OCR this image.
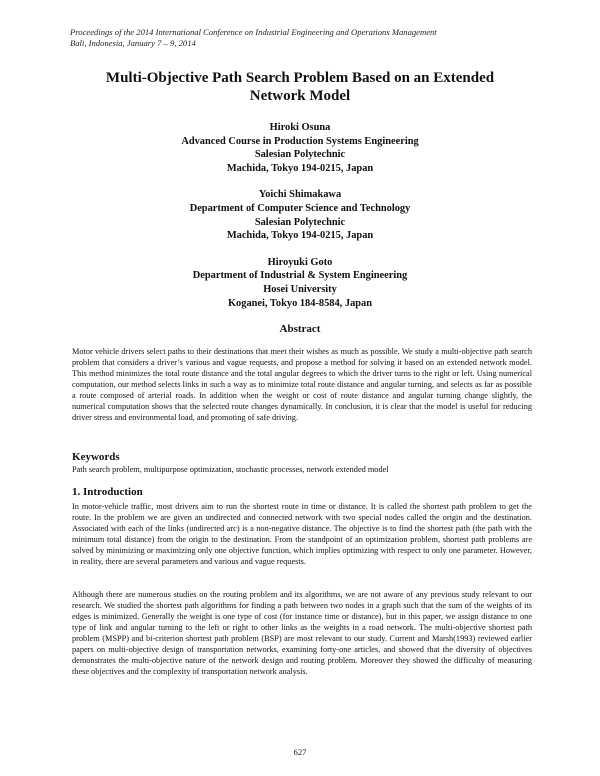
Proceedings of the 2014 International Conference on Industrial Engineering and Operations Management
Bali, Indonesia, January 7 – 9, 2014
Multi-Objective Path Search Problem Based on an Extended
Network Model
Hiroki Osuna
Advanced Course in Production Systems Engineering
Salesian Polytechnic
Machida, Tokyo 194-0215, Japan
Yoichi Shimakawa
Department of Computer Science and Technology
Salesian Polytechnic
Machida, Tokyo 194-0215, Japan
Hiroyuki Goto
Department of Industrial & System Engineering
Hosei University
Koganei, Tokyo 184-8584, Japan
Abstract
Motor vehicle drivers select paths to their destinations that meet their wishes as much as possible. We study a multi-objective path search problem that considers a driver’s various and vague requests, and propose a method for solving it based on an extended network model. This method minimizes the total route distance and the total angular degrees to which the driver turns to the right or left. Using numerical computation, our method selects links in such a way as to minimize total route distance and angular turning, and selects as far as possible a route composed of arterial roads. In addition when the weight or cost of route distance and angular turning change slightly, the numerical computation shows that the selected route changes dynamically. In conclusion, it is clear that the model is useful for reducing driver stress and environmental load, and promoting of safe driving.
Keywords
Path search problem, multipurpose optimization, stochastic processes, network extended model
1. Introduction
In motor-vehicle traffic, most drivers aim to run the shortest route in time or distance. It is called the shortest path problem to get the route. In the problem we are given an undirected and connected network with two special nodes called the origin and the destination. Associated with each of the links (undirected arc) is a non-negative distance. The objective is to find the shortest path (the path with the minimum total distance) from the origin to the destination. From the standpoint of an optimization problem, shortest path problems are solved by minimizing or maximizing only one objective function, which implies optimizing with respect to only one parameter. However, in reality, there are several parameters and various and vague requests.
Although there are numerous studies on the routing problem and its algorithms, we are not aware of any previous study relevant to our research. We studied the shortest path algorithms for finding a path between two nodes in a graph such that the sum of the weights of its edges is minimized. Generally the weight is one type of cost (for instance time or distance), but in this paper, we assign distance to one type of link and angular turning to the left or right to other links as the weights in a road network. The multi-objective shortest path problem (MSPP) and bi-criterion shortest path problem (BSP) are most relevant to our study. Current and Marsh(1993) reviewed earlier papers on multi-objective design of transportation networks, examining forty-one articles, and showed that the diversity of objectives demonstrates the multi-objective nature of the network design and routing problem. Moreover they showed the difficulty of measuring these objectives and the complexity of transportation network analysis.
627
